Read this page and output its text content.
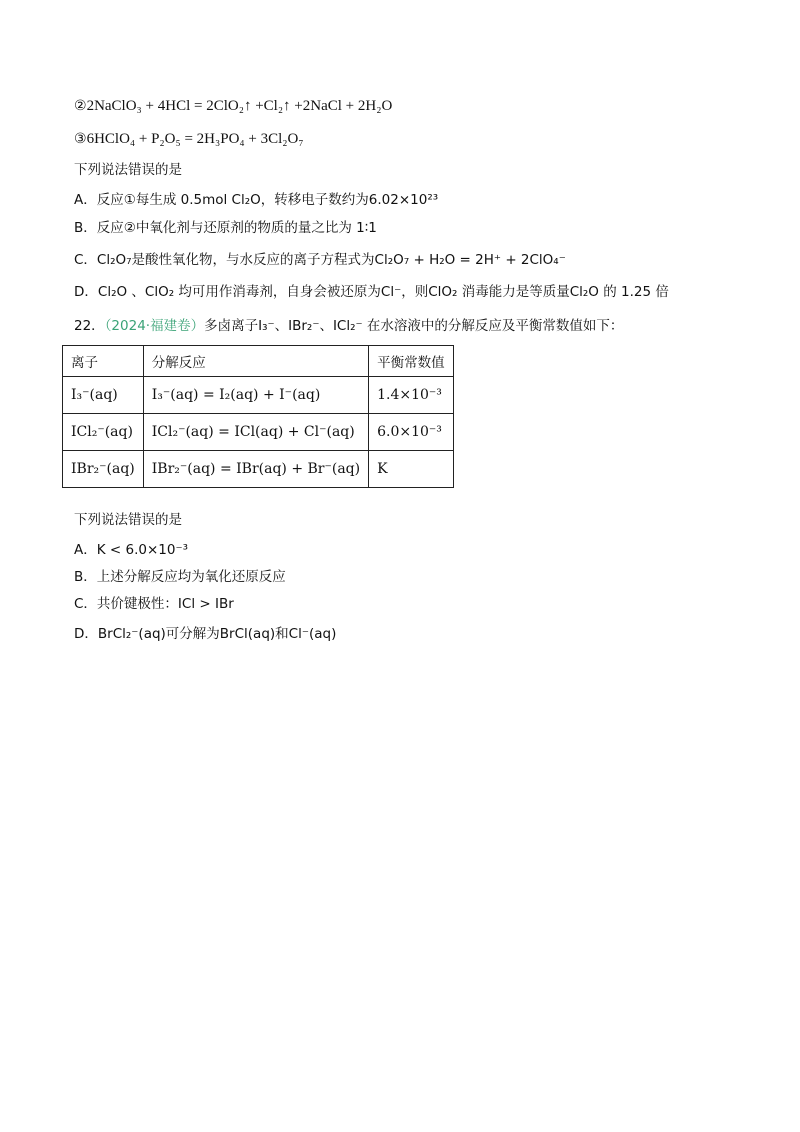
②2NaClO₃ + 4HCl = 2ClO₂↑ +Cl₂↑ +2NaCl + 2H₂O
③6HClO₄ + P₂O₅ = 2H₃PO₄ + 3Cl₂O₇
下列说法错误的是
A．反应①每生成 0.5mol Cl₂O，转移电子数约为6.02×10²³
B．反应②中氧化剂与还原剂的物质的量之比为 1∶1
C．Cl₂O₇是酸性氧化物，与水反应的离子方程式为Cl₂O₇ + H₂O = 2H⁺ + 2ClO₄⁻
D．Cl₂O 、ClO₂ 均可用作消毒剂，自身会被还原为Cl⁻，则ClO₂ 消毒能力是等质量Cl₂O 的 1.25 倍
22．（2024·福建卷）多卤离子I₃⁻、IBr₂⁻、ICl₂⁻ 在水溶液中的分解反应及平衡常数值如下：
离子	分解反应	平衡常数值
I₃⁻(aq)	I₃⁻(aq) = I₂(aq) + I⁻(aq)	1.4×10⁻³
ICl₂⁻(aq)	ICl₂⁻(aq) = ICl(aq) + Cl⁻(aq)	6.0×10⁻³
IBr₂⁻(aq)	IBr₂⁻(aq) = IBr(aq) + Br⁻(aq)	K
下列说法错误的是
A．K < 6.0×10⁻³
B．上述分解反应均为氧化还原反应
C．共价键极性：ICl > IBr
D．BrCl₂⁻(aq)可分解为BrCl(aq)和Cl⁻(aq)
